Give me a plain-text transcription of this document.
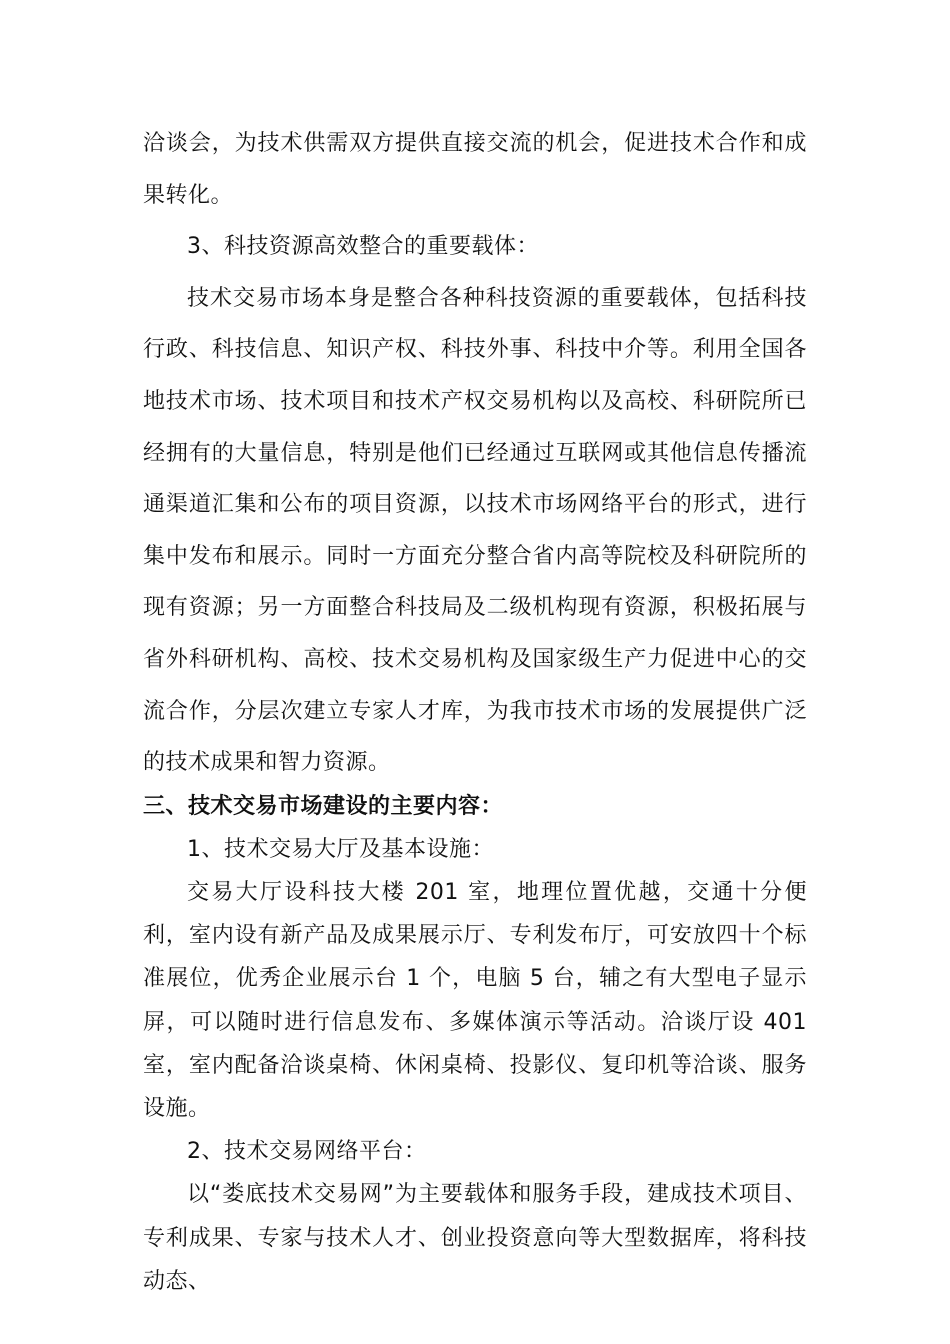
洽谈会，为技术供需双方提供直接交流的机会，促进技术合作和成果转化。

3、科技资源高效整合的重要载体：

技术交易市场本身是整合各种科技资源的重要载体，包括科技行政、科技信息、知识产权、科技外事、科技中介等。利用全国各地技术市场、技术项目和技术产权交易机构以及高校、科研院所已经拥有的大量信息，特别是他们已经通过互联网或其他信息传播流通渠道汇集和公布的项目资源，以技术市场网络平台的形式，进行集中发布和展示。同时一方面充分整合省内高等院校及科研院所的现有资源；另一方面整合科技局及二级机构现有资源，积极拓展与省外科研机构、高校、技术交易机构及国家级生产力促进中心的交流合作，分层次建立专家人才库，为我市技术市场的发展提供广泛的技术成果和智力资源。

三、技术交易市场建设的主要内容：

1、技术交易大厅及基本设施：

交易大厅设科技大楼 201 室，地理位置优越，交通十分便利，室内设有新产品及成果展示厅、专利发布厅，可安放四十个标准展位，优秀企业展示台 1 个，电脑 5 台，辅之有大型电子显示屏，可以随时进行信息发布、多媒体演示等活动。洽谈厅设 401 室，室内配备洽谈桌椅、休闲桌椅、投影仪、复印机等洽谈、服务设施。

2、技术交易网络平台：

以“娄底技术交易网”为主要载体和服务手段，建成技术项目、专利成果、专家与技术人才、创业投资意向等大型数据库，将科技动态、
